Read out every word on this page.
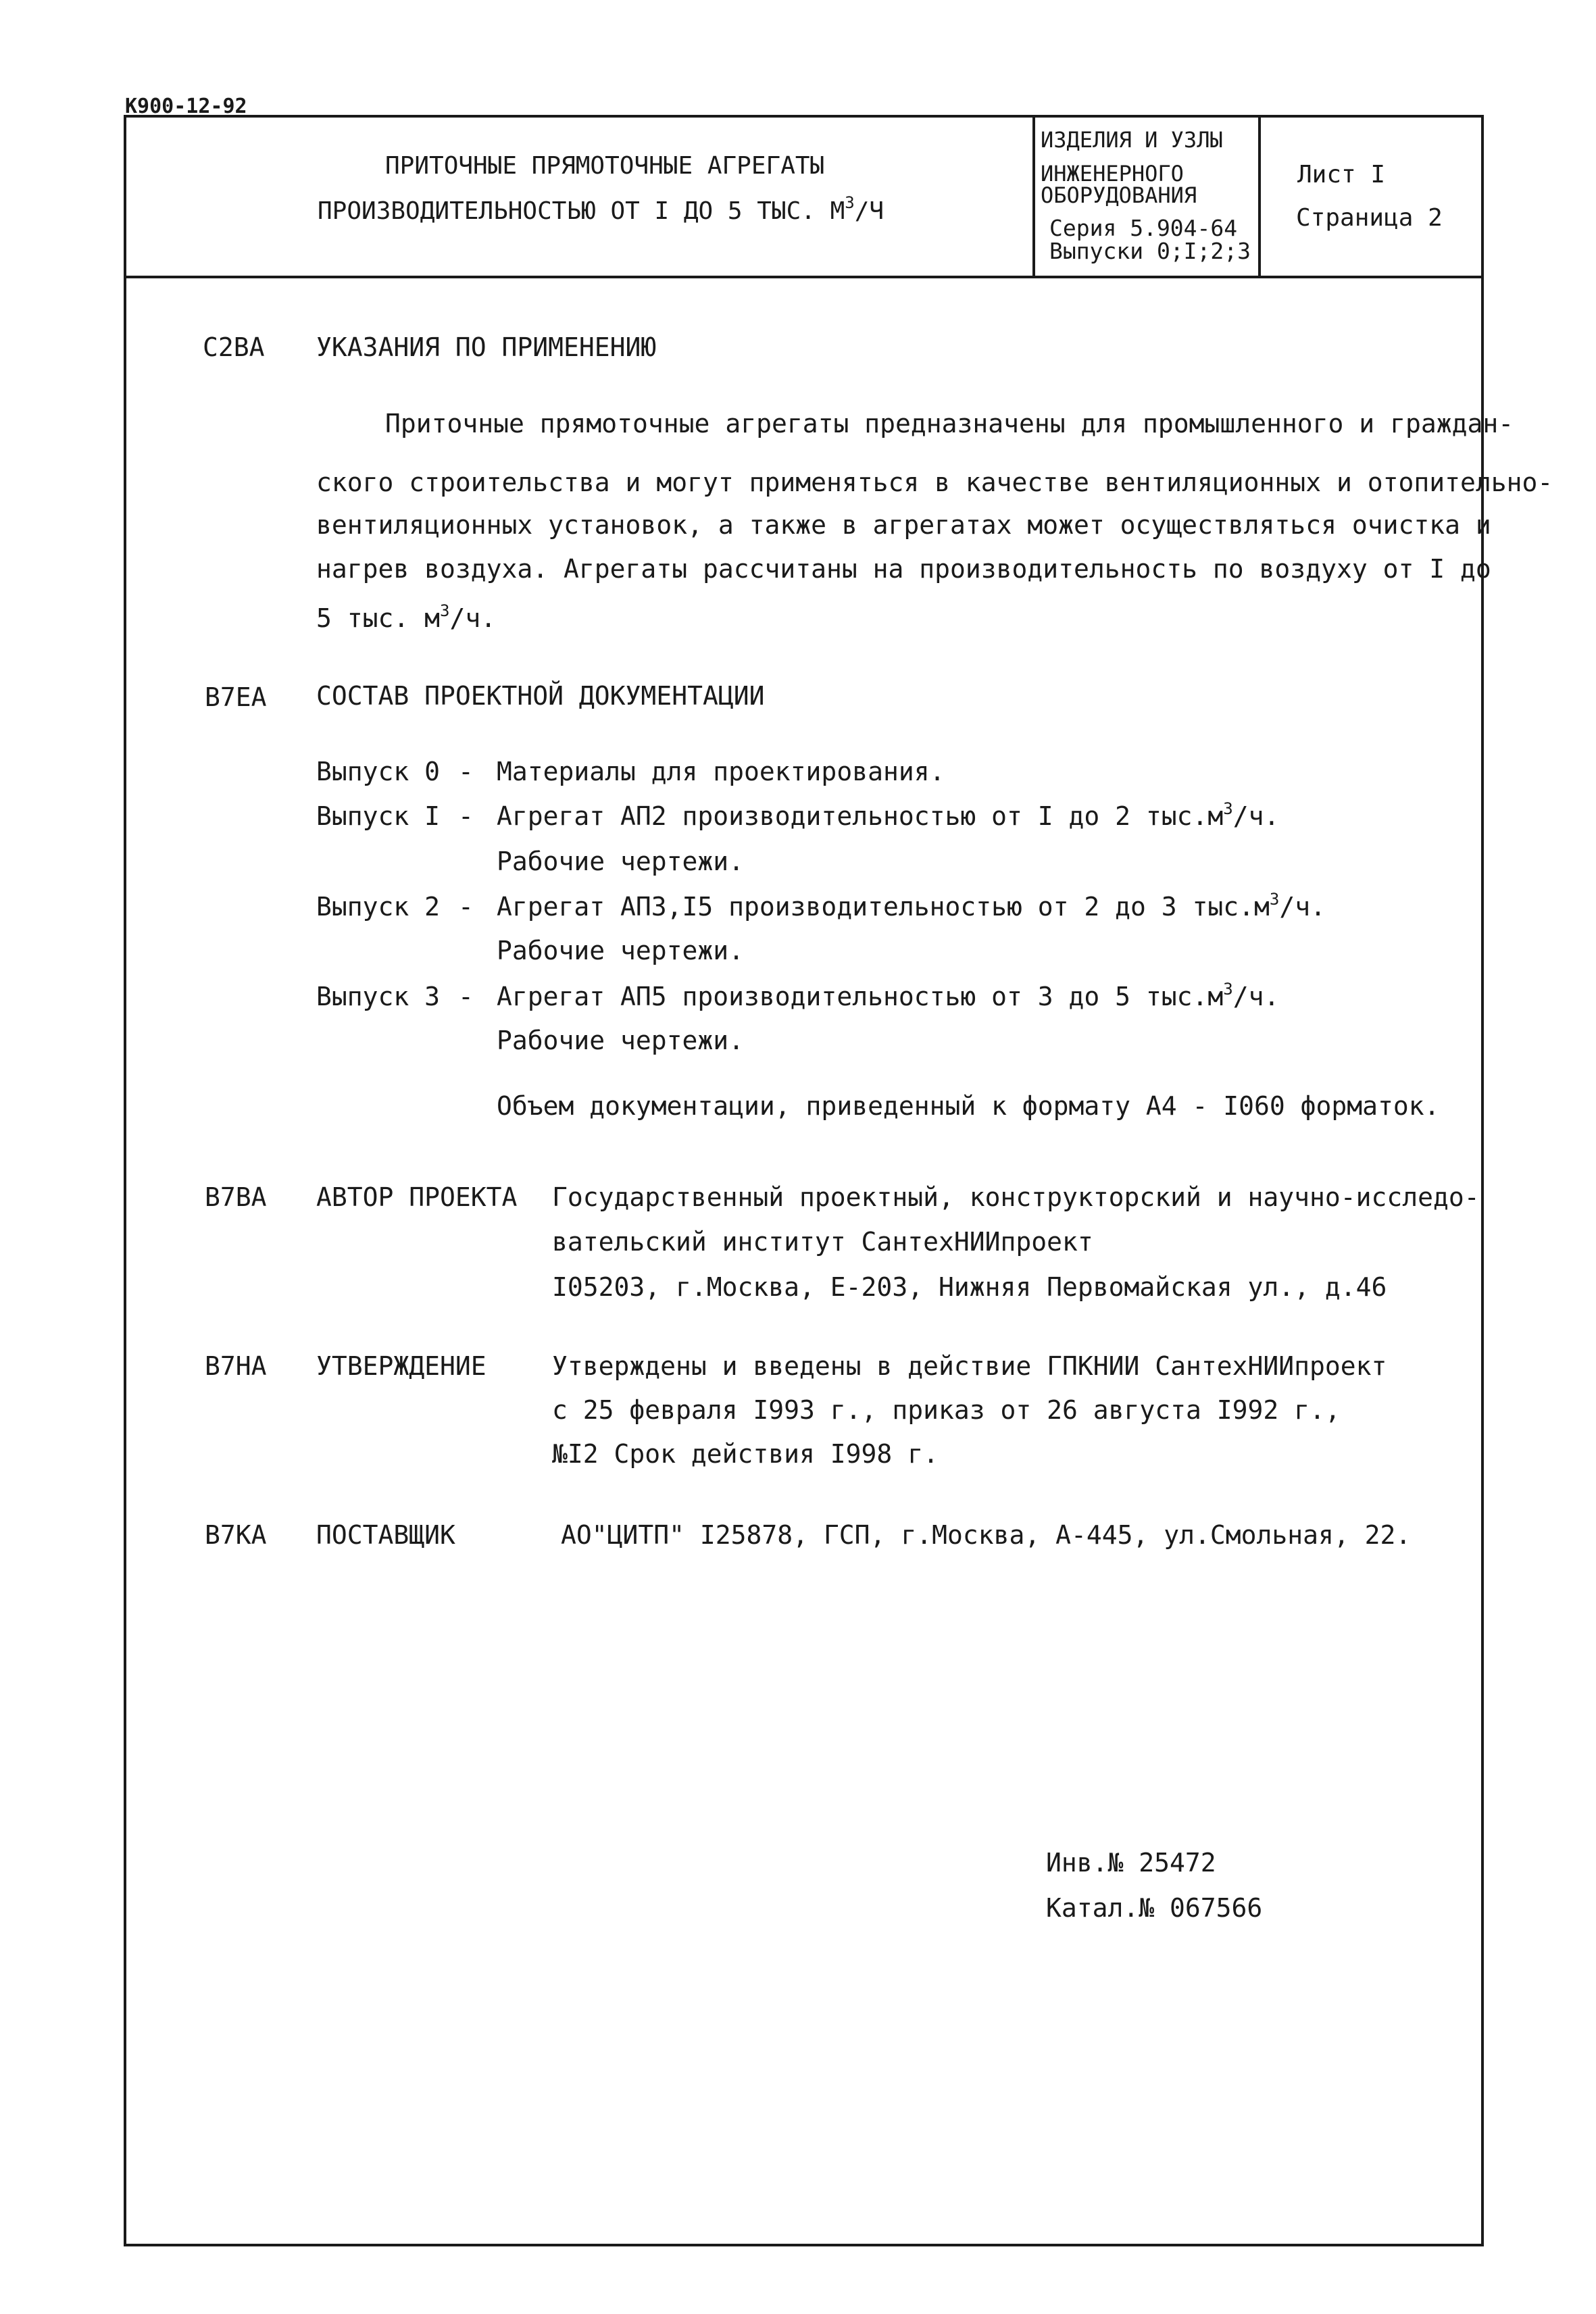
К900-12-92
ПРИТОЧНЫЕ ПРЯМОТОЧНЫЕ АГРЕГАТЫ
ПРОИЗВОДИТЕЛЬНОСТЬЮ ОТ I ДО 5 ТЫС. $М^3/Ч$
ИЗДЕЛИЯ И УЗЛЫ
ИНЖЕНЕРНОГО
ОБОРУДОВАНИЯ
Серия 5.904-64
Выпуски 0;I;2;3
Лист I
Страница 2
С2ВА УКАЗАНИЯ ПО ПРИМЕНЕНИЮ
Приточные прямоточные агрегаты предназначены для промышленного и граждан-
ского строительства и могут применяться в качестве вентиляционных и отопительно-
вентиляционных установок, а также в агрегатах может осуществляться очистка и
нагрев воздуха. Агрегаты рассчитаны на производительность по воздуху от I до
5 тыс. $м^3/ч$.
В7ЕА СОСТАВ ПРОЕКТНОЙ ДОКУМЕНТАЦИИ
Выпуск 0 - Материалы для проектирования.
Выпуск I - Агрегат АП2 производительностью от I до 2 $тыс.м^3/ч$.
Рабочие чертежи.
Выпуск 2 - Агрегат АП3,I5 производительностью от 2 до 3 $тыс.м^3/ч$.
Рабочие чертежи.
Выпуск 3 - Агрегат АП5 производительностью от 3 до 5 $тыс.м^3/ч$.
Рабочие чертежи.
Объем документации, приведенный к формату А4 - I060 форматок.
В7ВА АВТОР ПРОЕКТА Государственный проектный, конструкторский и научно-исследо-
вательский институт СантехНИИпроект
I05203, г.Москва, Е-203, Нижняя Первомайская ул., д.46
В7НА УТВЕРЖДЕНИЕ	Утверждены и введены в действие ГПКНИИ СантехНИИпроект
с 25 февраля I993 г., приказ от 26 августа I992 г.,
№I2 Срок действия I998 г.
В7КА ПОСТАВЩИК	АО"ЦИТП" I25878, ГСП, г.Москва, А-445, ул.Смольная, 22.
Инв.№ 25472
Катал.№ 067566
